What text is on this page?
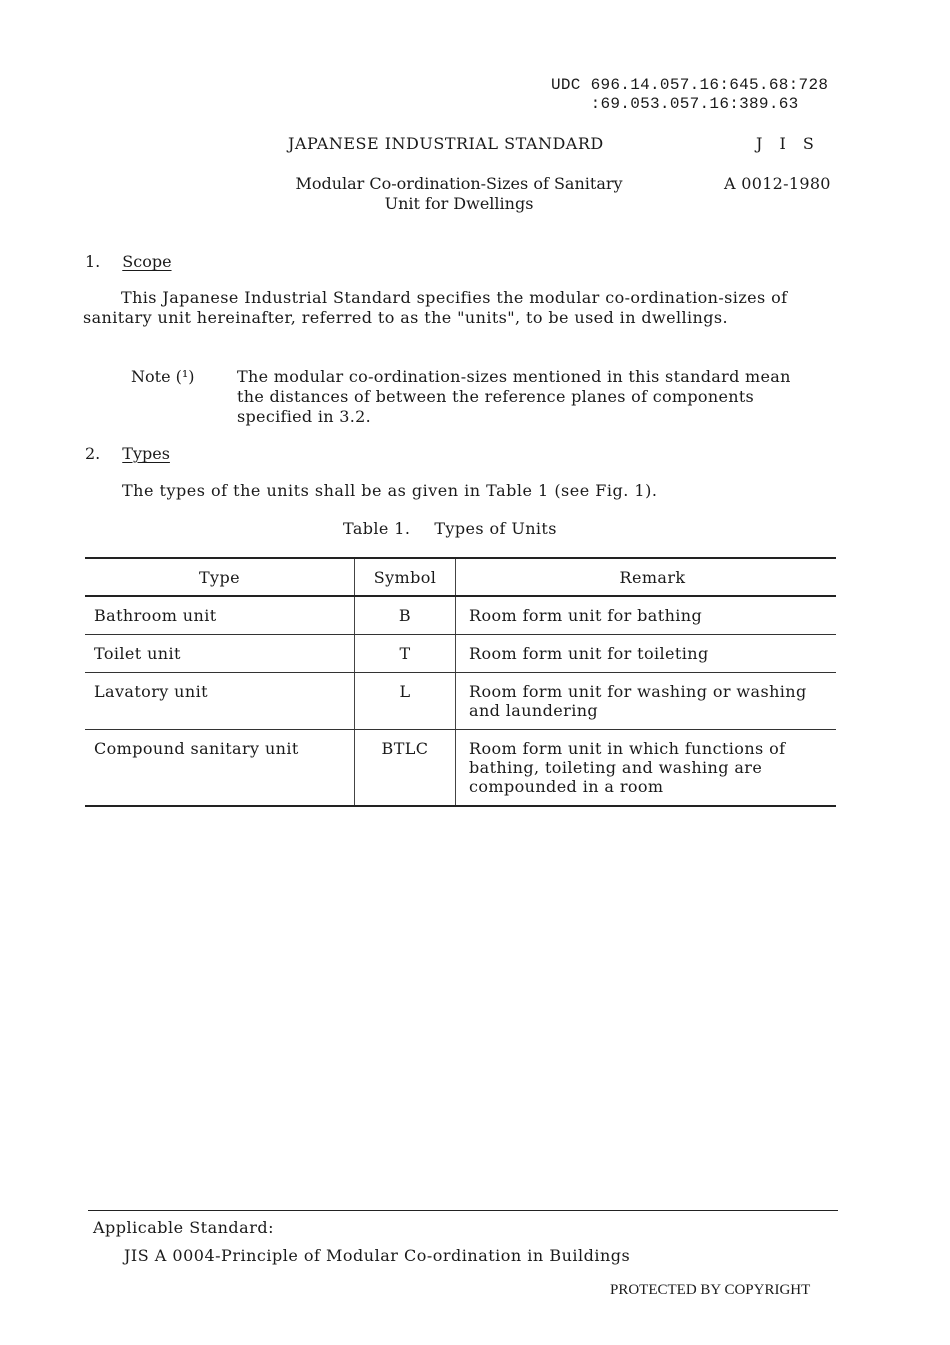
UDC 696.14.057.16:645.68:728
:69.053.057.16:389.63
JAPANESE INDUSTRIAL STANDARD	J I S
Modular Co-ordination-Sizes of Sanitary
Unit for Dwellings
A 0012-1980
1. Scope
This Japanese Industrial Standard specifies the modular co-ordination-sizes of sanitary unit hereinafter, referred to as the "units", to be used in dwellings.
Note (¹)	The modular co-ordination-sizes mentioned in this standard mean the distances of between the reference planes of components specified in 3.2.
2. Types
The types of the units shall be as given in Table 1 (see Fig. 1).
Table 1. Types of Units
Type	Symbol	Remark
Bathroom unit	B	Room form unit for bathing
Toilet unit	T	Room form unit for toileting
Lavatory unit	L	Room form unit for washing or washing and laundering
Compound sanitary unit	BTLC	Room form unit in which functions of bathing, toileting and washing are compounded in a room
Applicable Standard:
JIS A 0004-Principle of Modular Co-ordination in Buildings
PROTECTED BY COPYRIGHT
